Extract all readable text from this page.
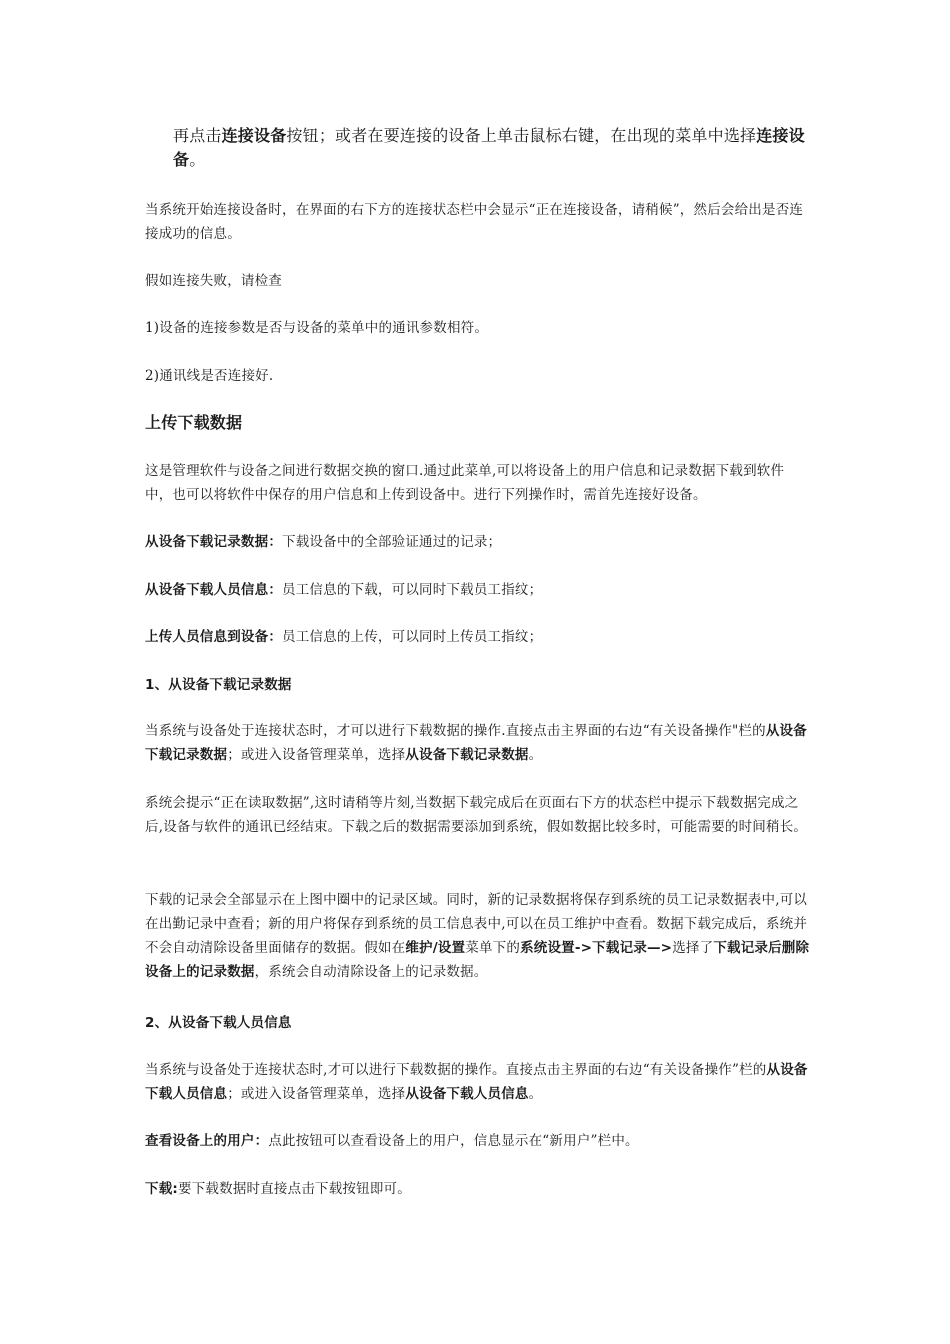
再点击连接设备按钮；或者在要连接的设备上单击鼠标右键，在出现的菜单中选择连接设备。

当系统开始连接设备时，在界面的右下方的连接状态栏中会显示“正在连接设备，请稍候”，然后会给出是否连接成功的信息。

假如连接失败，请检查

1)设备的连接参数是否与设备的菜单中的通讯参数相符。

2)通讯线是否连接好.

上传下载数据

这是管理软件与设备之间进行数据交换的窗口.通过此菜单,可以将设备上的用户信息和记录数据下载到软件中，也可以将软件中保存的用户信息和上传到设备中。进行下列操作时，需首先连接好设备。

从设备下载记录数据：下载设备中的全部验证通过的记录；

从设备下载人员信息：员工信息的下载，可以同时下载员工指纹；

上传人员信息到设备：员工信息的上传，可以同时上传员工指纹；

1、从设备下载记录数据

当系统与设备处于连接状态时，才可以进行下载数据的操作.直接点击主界面的右边“有关设备操作"栏的从设备下载记录数据；或进入设备管理菜单，选择从设备下载记录数据。

系统会提示“正在读取数据”,这时请稍等片刻,当数据下载完成后在页面右下方的状态栏中提示下载数据完成之后,设备与软件的通讯已经结束。下载之后的数据需要添加到系统，假如数据比较多时，可能需要的时间稍长。

下载的记录会全部显示在上图中圈中的记录区域。同时，新的记录数据将保存到系统的员工记录数据表中,可以在出勤记录中查看；新的用户将保存到系统的员工信息表中,可以在员工维护中查看。数据下载完成后，系统并不会自动清除设备里面储存的数据。假如在维护/设置菜单下的系统设置->下载记录—>选择了下载记录后删除设备上的记录数据，系统会自动清除设备上的记录数据。

2、从设备下载人员信息

当系统与设备处于连接状态时,才可以进行下载数据的操作。直接点击主界面的右边“有关设备操作”栏的从设备下载人员信息；或进入设备管理菜单，选择从设备下载人员信息。

查看设备上的用户：点此按钮可以查看设备上的用户，信息显示在“新用户”栏中。

下载:要下载数据时直接点击下载按钮即可。
